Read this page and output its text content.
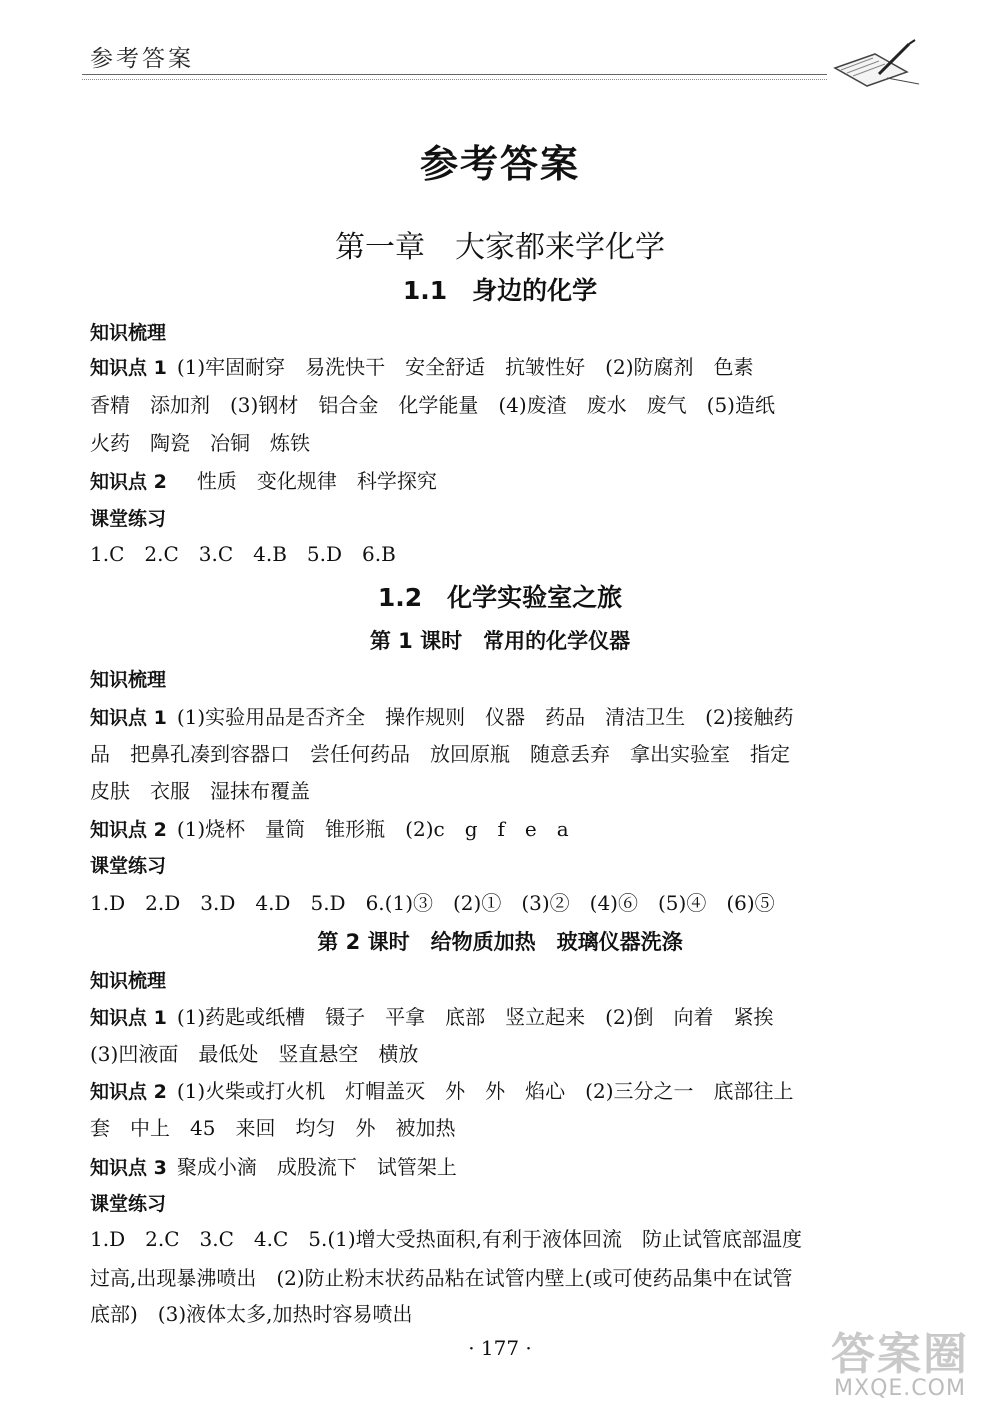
参考答案
参考答案
第一章　大家都来学化学
1.1　身边的化学
知识梳理
知识点 1 (1)牢固耐穿　易洗快干　安全舒适　抗皱性好　(2)防腐剂　色素
香精　添加剂　(3)钢材　铝合金　化学能量　(4)废渣　废水　废气　(5)造纸
火药　陶瓷　冶铜　炼铁
知识点 2　性质　变化规律　科学探究
课堂练习
1.C　2.C　3.C　4.B　5.D　6.B
1.2　化学实验室之旅
第 1 课时　常用的化学仪器
知识梳理
知识点 1 (1)实验用品是否齐全　操作规则　仪器　药品　清洁卫生　(2)接触药
品　把鼻孔凑到容器口　尝任何药品　放回原瓶　随意丢弃　拿出实验室　指定
皮肤　衣服　湿抹布覆盖
知识点 2 (1)烧杯　量筒　锥形瓶　(2)c　g　f　e　a
课堂练习
1.D　2.D　3.D　4.D　5.D　6.(1)③　(2)①　(3)②　(4)⑥　(5)④　(6)⑤
第 2 课时　给物质加热　玻璃仪器洗涤
知识梳理
知识点 1 (1)药匙或纸槽　镊子　平拿　底部　竖立起来　(2)倒　向着　紧挨
(3)凹液面　最低处　竖直悬空　横放
知识点 2 (1)火柴或打火机　灯帽盖灭　外　外　焰心　(2)三分之一　底部往上
套　中上　45　来回　均匀　外　被加热
知识点 3 聚成小滴　成股流下　试管架上
课堂练习
1.D　2.C　3.C　4.C　5.(1)增大受热面积,有利于液体回流　防止试管底部温度
过高,出现暴沸喷出　(2)防止粉末状药品粘在试管内壁上(或可使药品集中在试管
底部)　(3)液体太多,加热时容易喷出
· 177 ·	答案圈
MXQE.COM
